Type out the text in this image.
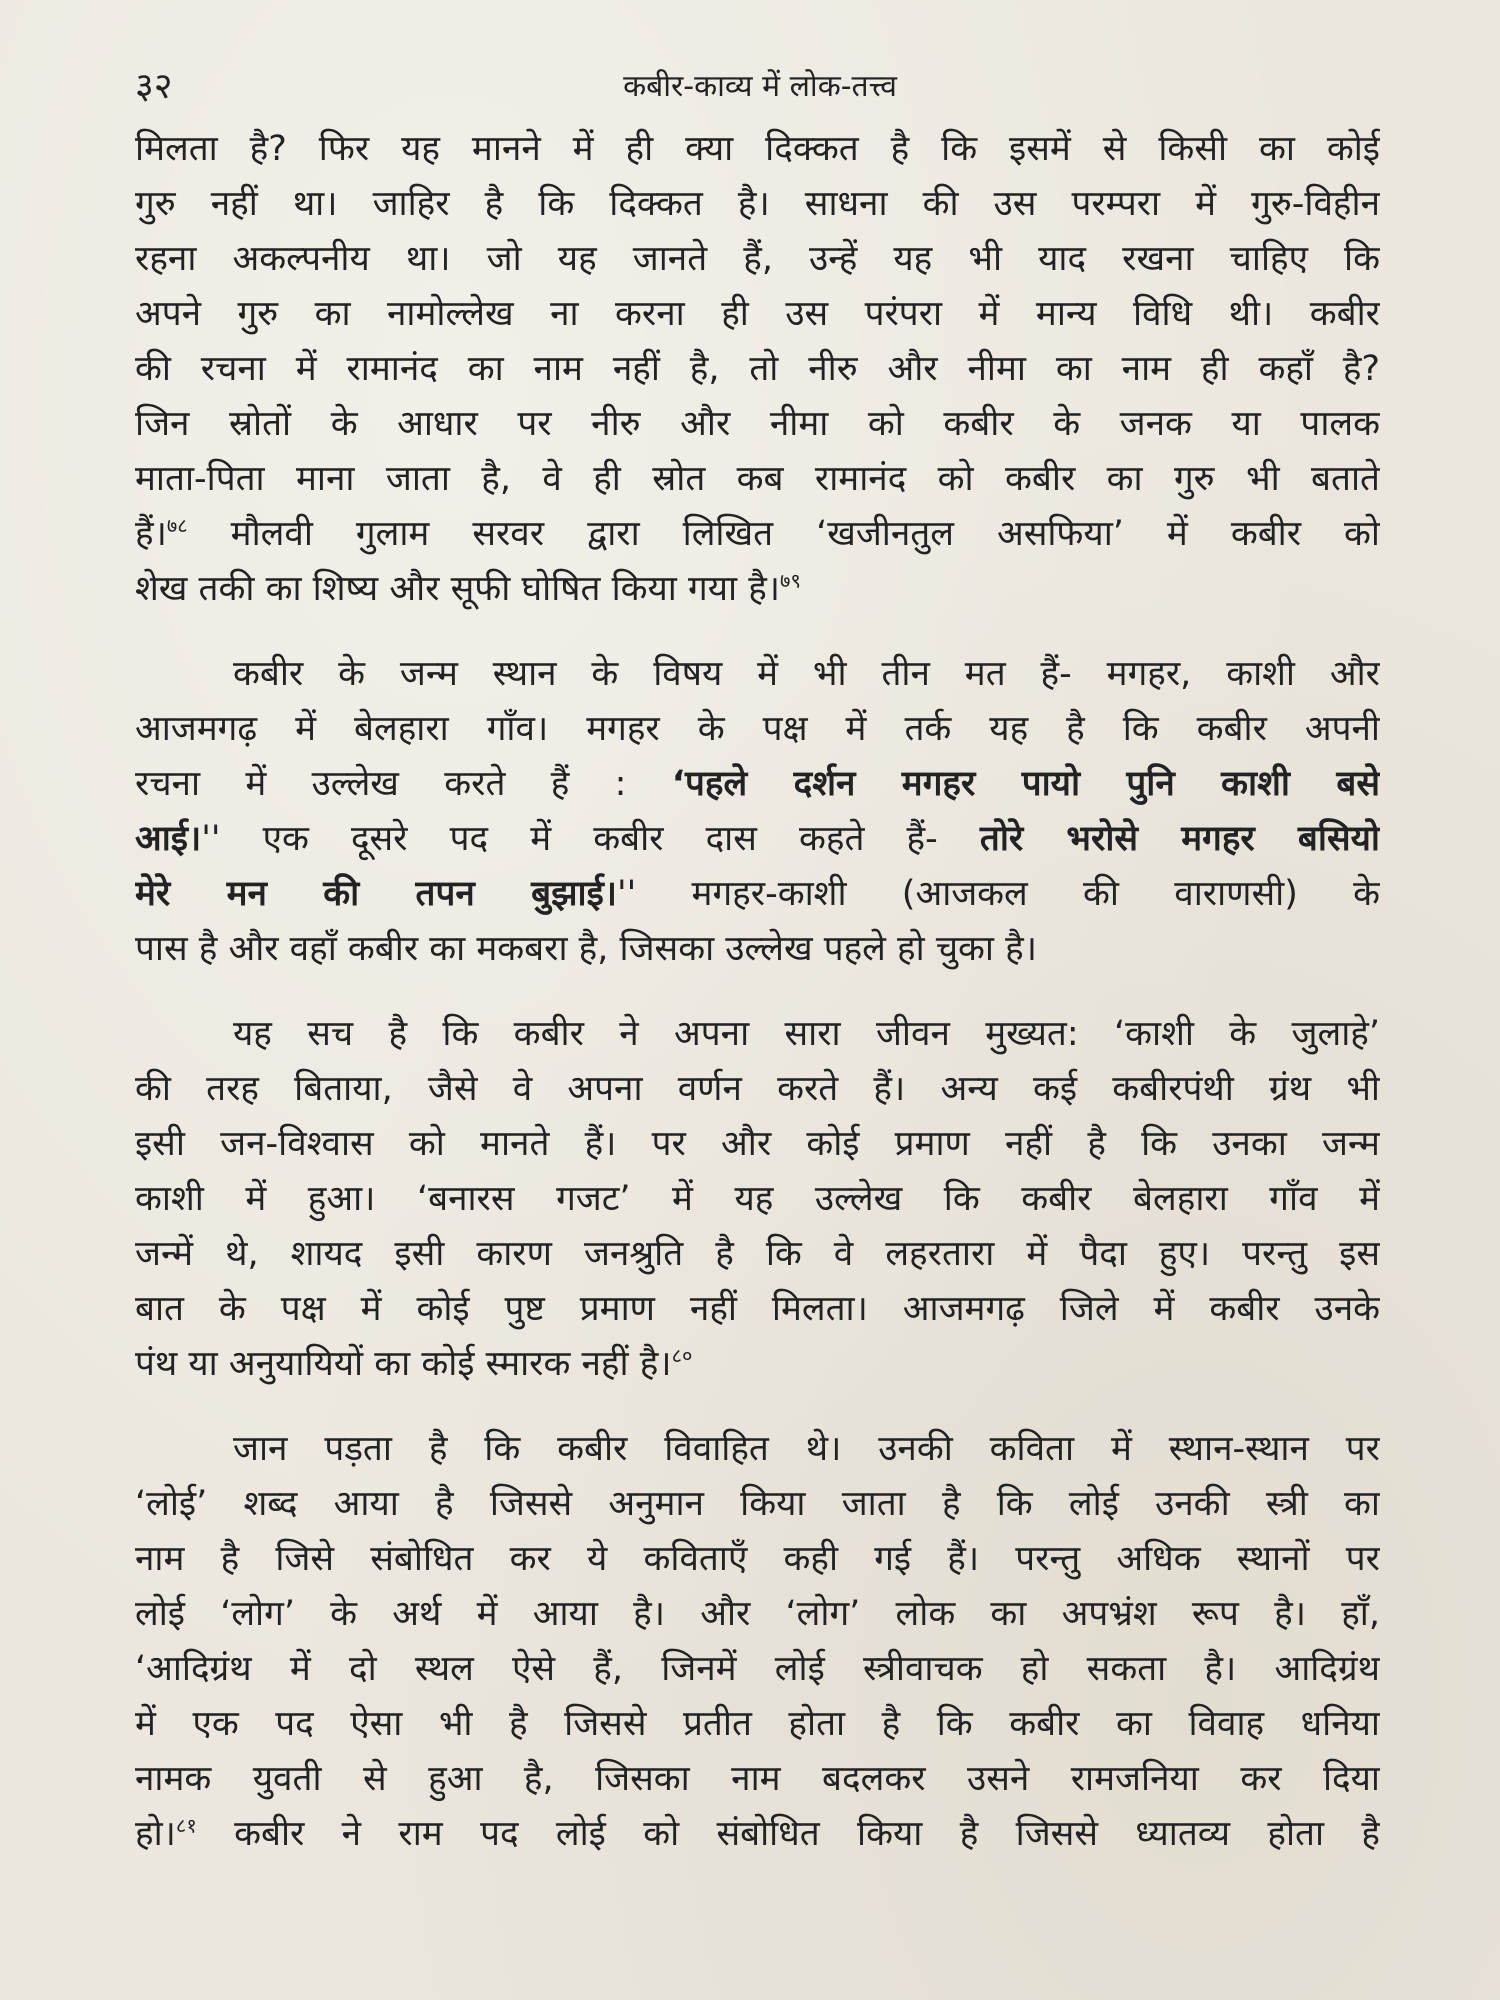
३२	कबीर-काव्य में लोक-तत्त्व
मिलता है? फिर यह मानने में ही क्या दिक्कत है कि इसमें से किसी का कोई
गुरु नहीं था। जाहिर है कि दिक्कत है। साधना की उस परम्परा में गुरु-विहीन
रहना अकल्पनीय था। जो यह जानते हैं, उन्हें यह भी याद रखना चाहिए कि
अपने गुरु का नामोल्लेख ना करना ही उस परंपरा में मान्य विधि थी। कबीर
की रचना में रामानंद का नाम नहीं है, तो नीरु और नीमा का नाम ही कहाँ है?
जिन स्रोतों के आधार पर नीरु और नीमा को कबीर के जनक या पालक
माता-पिता माना जाता है, वे ही स्रोत कब रामानंद को कबीर का गुरु भी बताते
हैं।$^{७८}$ मौलवी गुलाम सरवर द्वारा लिखित ‘खजीनतुल असफिया’ में कबीर को
शेख तकी का शिष्य और सूफी घोषित किया गया है।$^{७९}$
कबीर के जन्म स्थान के विषय में भी तीन मत हैं- मगहर, काशी और
आजमगढ़ में बेलहारा गाँव। मगहर के पक्ष में तर्क यह है कि कबीर अपनी
रचना में उल्लेख करते हैं : ‘पहले दर्शन मगहर पायो पुनि काशी बसे
आई।'' एक दूसरे पद में कबीर दास कहते हैं- तोरे भरोसे मगहर बसियो
मेरे मन की तपन बुझाई।'' मगहर-काशी (आजकल की वाराणसी) के
पास है और वहाँ कबीर का मकबरा है, जिसका उल्लेख पहले हो चुका है।
यह सच है कि कबीर ने अपना सारा जीवन मुख्यत: ‘काशी के जुलाहे’
की तरह बिताया, जैसे वे अपना वर्णन करते हैं। अन्य कई कबीरपंथी ग्रंथ भी
इसी जन-विश्वास को मानते हैं। पर और कोई प्रमाण नहीं है कि उनका जन्म
काशी में हुआ। ‘बनारस गजट’ में यह उल्लेख कि कबीर बेलहारा गाँव में
जन्में थे, शायद इसी कारण जनश्रुति है कि वे लहरतारा में पैदा हुए। परन्तु इस
बात के पक्ष में कोई पुष्ट प्रमाण नहीं मिलता। आजमगढ़ जिले में कबीर उनके
पंथ या अनुयायियों का कोई स्मारक नहीं है।$^{८०}$
जान पड़ता है कि कबीर विवाहित थे। उनकी कविता में स्थान-स्थान पर
‘लोई’ शब्द आया है जिससे अनुमान किया जाता है कि लोई उनकी स्त्री का
नाम है जिसे संबोधित कर ये कविताएँ कही गई हैं। परन्तु अधिक स्थानों पर
लोई ‘लोग’ के अर्थ में आया है। और ‘लोग’ लोक का अपभ्रंश रूप है। हाँ,
‘आदिग्रंथ में दो स्थल ऐसे हैं, जिनमें लोई स्त्रीवाचक हो सकता है। आदिग्रंथ
में एक पद ऐसा भी है जिससे प्रतीत होता है कि कबीर का विवाह धनिया
नामक युवती से हुआ है, जिसका नाम बदलकर उसने रामजनिया कर दिया
हो।$^{८१}$ कबीर ने राम पद लोई को संबोधित किया है जिससे ध्यातव्य होता है
